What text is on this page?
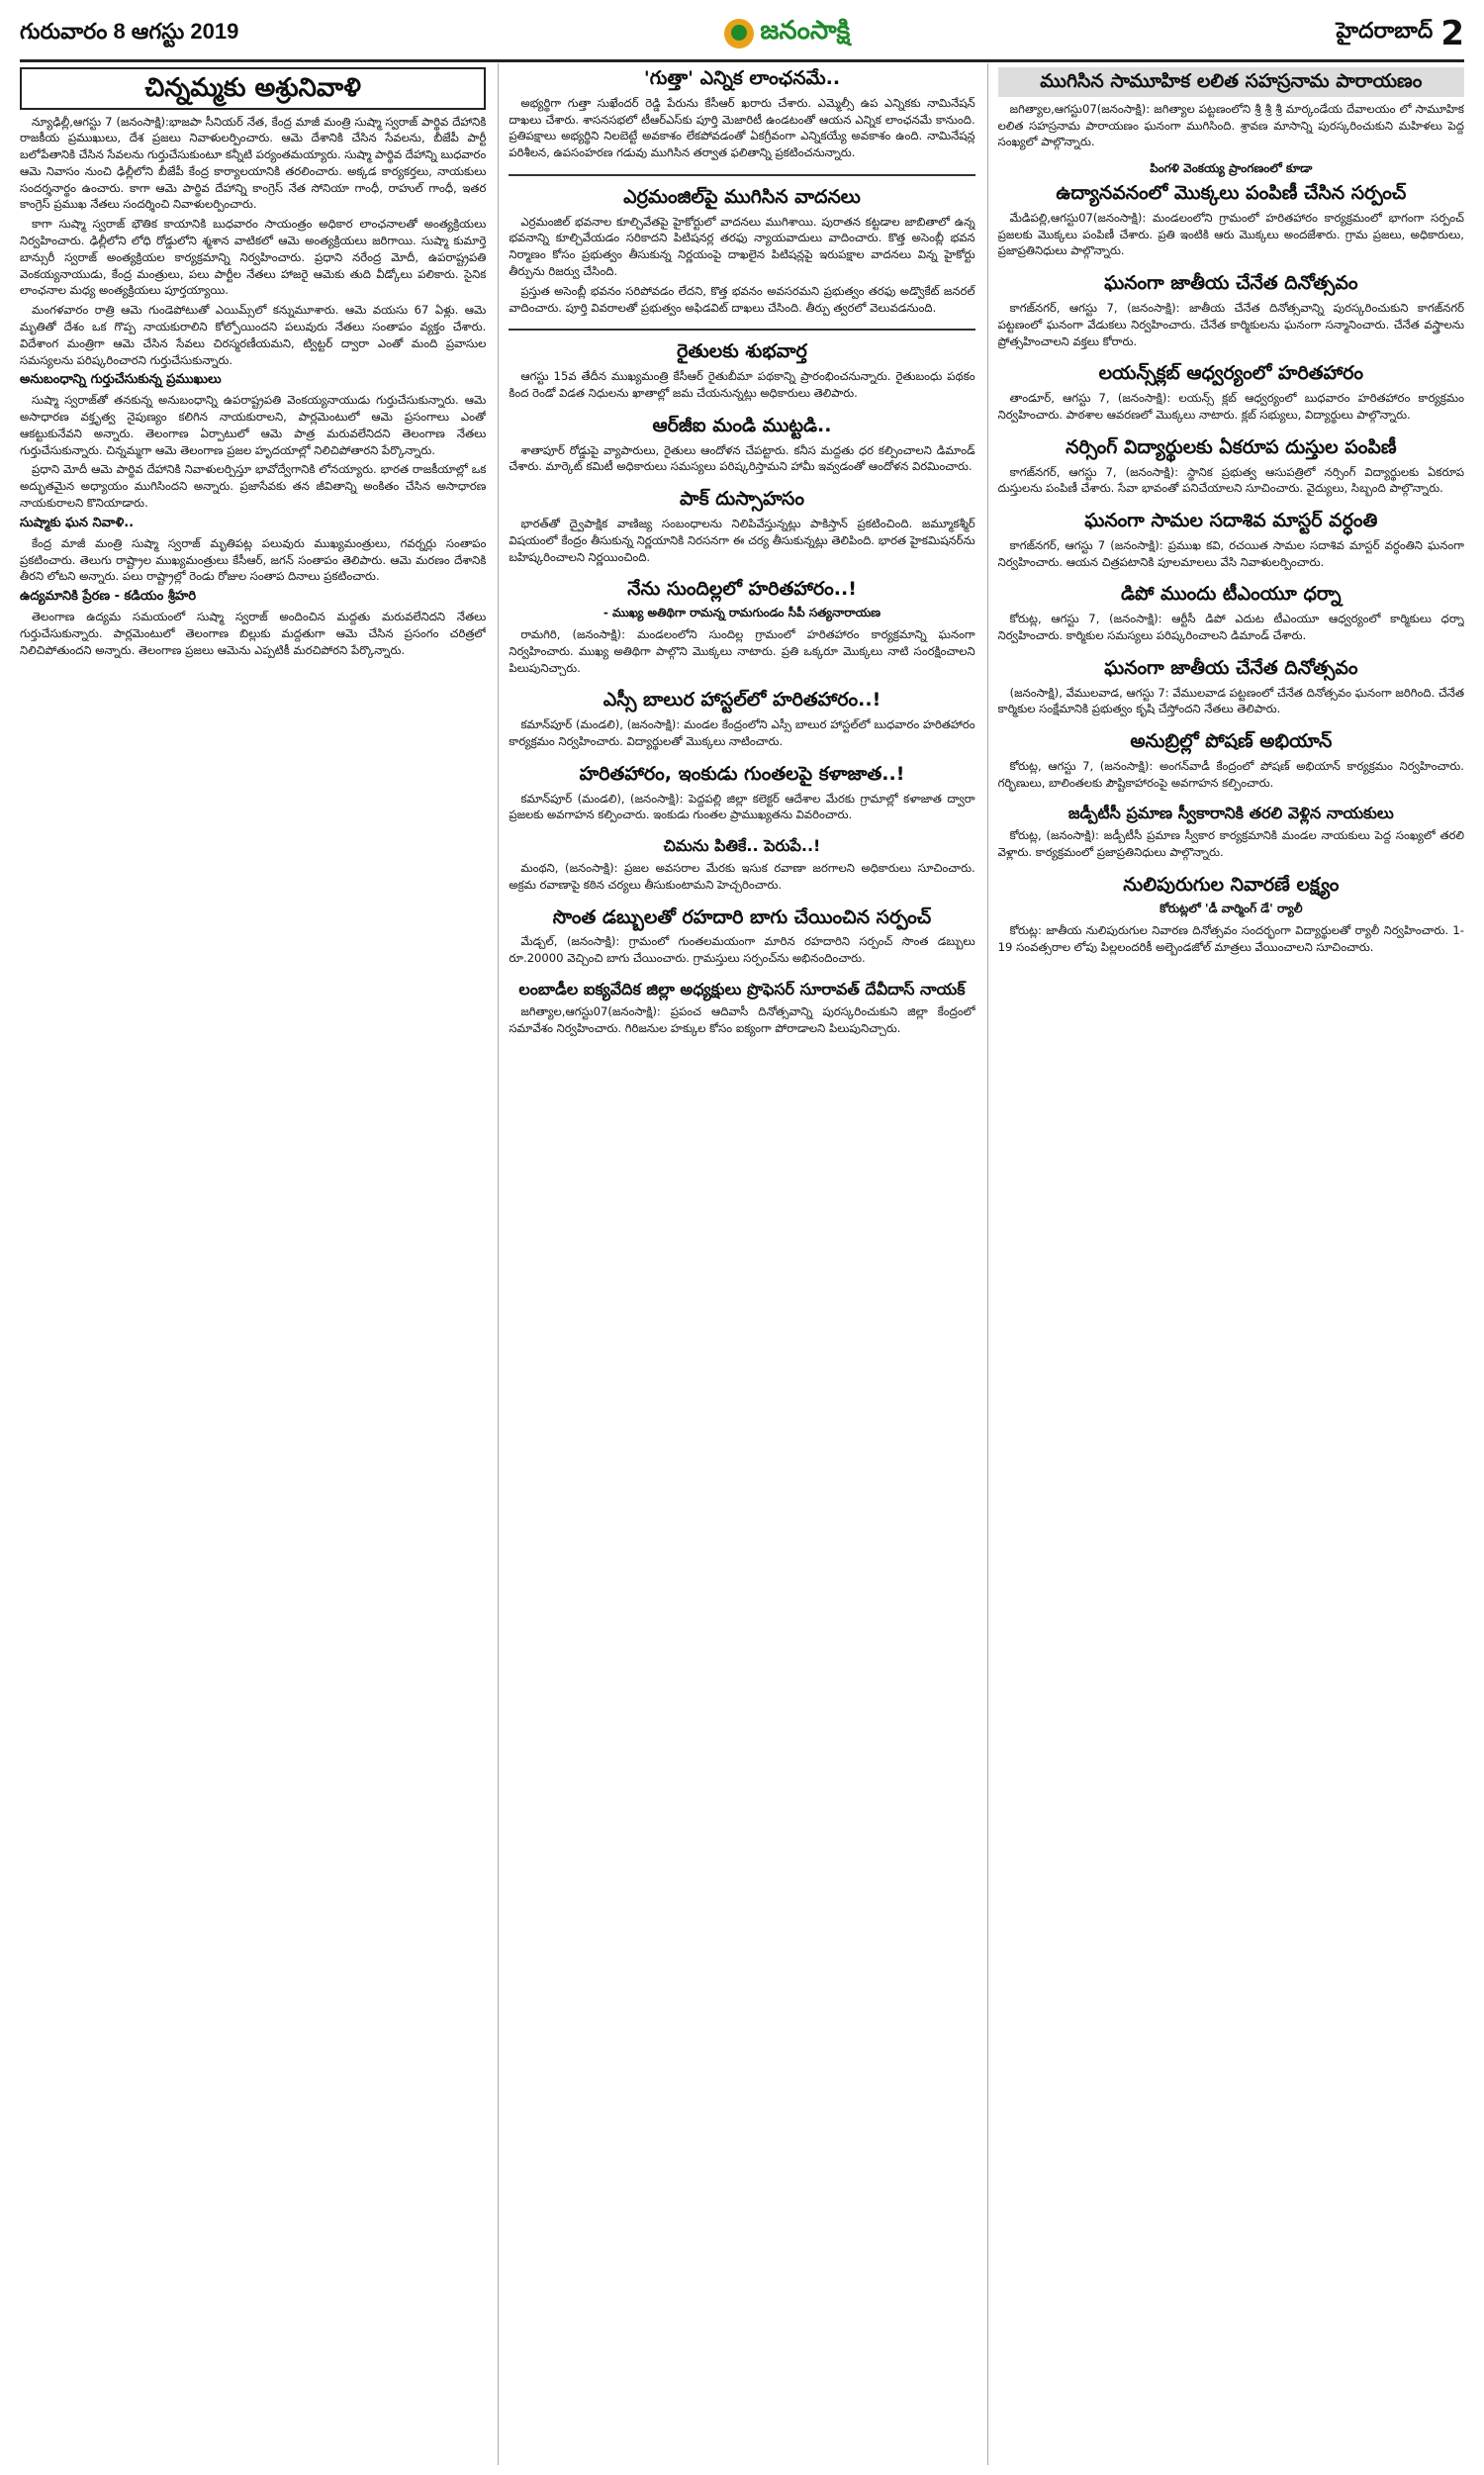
గురువారం 8 ఆగస్టు 2019	జనంసాక్షి	హైదరాబాద్ 2
చిన్నమ్మకు అశ్రునివాళి

న్యూఢిల్లీ,ఆగస్టు 7 (జనంసాక్షి):భాజపా సీనియర్ నేత, కేంద్ర మాజీ మంత్రి సుష్మా స్వరాజ్ పార్థివ దేహానికి రాజకీయ ప్రముఖులు, దేశ ప్రజలు నివాళులర్పించారు. ఆమె దేశానికి చేసిన సేవలను, బీజేపీ పార్టీ బలోపేతానికి చేసిన సేవలను గుర్తుచేసుకుంటూ కన్నీటి పర్యంతమయ్యారు. సుష్మా పార్థివ దేహాన్ని బుధవారం ఆమె నివాసం నుంచి ఢిల్లీలోని బీజేపీ కేంద్ర కార్యాలయానికి తరలించారు. అక్కడ కార్యకర్తలు, నాయకులు సందర్శనార్థం ఉంచారు. కాగా ఆమె పార్థివ దేహాన్ని కాంగ్రెస్ నేత సోనియా గాంధీ, రాహుల్ గాంధీ, ఇతర కాంగ్రెస్ ప్రముఖ నేతలు సందర్శించి నివాళులర్పించారు.

కాగా సుష్మా స్వరాజ్ భౌతిక కాయానికి బుధవారం సాయంత్రం అధికార లాంఛనాలతో అంత్యక్రియలు నిర్వహించారు. ఢిల్లీలోని లోధి రోడ్డులోని శ్మశాన వాటికలో ఆమె అంత్యక్రియలు జరిగాయి. సుష్మా కుమార్తె బాన్సురీ స్వరాజ్ అంత్యక్రియల కార్యక్రమాన్ని నిర్వహించారు. ప్రధాని నరేంద్ర మోదీ, ఉపరాష్ట్రపతి వెంకయ్యనాయుడు, కేంద్ర మంత్రులు, పలు పార్టీల నేతలు హాజరై ఆమెకు తుది వీడ్కోలు పలికారు. సైనిక లాంఛనాల మధ్య అంత్యక్రియలు పూర్తయ్యాయి.

మంగళవారం రాత్రి ఆమె గుండెపోటుతో ఎయిమ్స్‌లో కన్నుమూశారు. ఆమె వయసు 67 ఏళ్లు. ఆమె మృతితో దేశం ఒక గొప్ప నాయకురాలిని కోల్పోయిందని పలువురు నేతలు సంతాపం వ్యక్తం చేశారు. విదేశాంగ మంత్రిగా ఆమె చేసిన సేవలు చిరస్మరణీయమని, ట్విట్టర్ ద్వారా ఎంతో మంది ప్రవాసుల సమస్యలను పరిష్కరించారని గుర్తుచేసుకున్నారు.

అనుబంధాన్ని గుర్తుచేసుకున్న ప్రముఖులు

సుష్మా స్వరాజ్‌తో తనకున్న అనుబంధాన్ని ఉపరాష్ట్రపతి వెంకయ్యనాయుడు గుర్తుచేసుకున్నారు. ఆమె అసాధారణ వక్తృత్వ నైపుణ్యం కలిగిన నాయకురాలని, పార్లమెంటులో ఆమె ప్రసంగాలు ఎంతో ఆకట్టుకునేవని అన్నారు. తెలంగాణ ఏర్పాటులో ఆమె పాత్ర మరువలేనిదని తెలంగాణ నేతలు గుర్తుచేసుకున్నారు. చిన్నమ్మగా ఆమె తెలంగాణ ప్రజల హృదయాల్లో నిలిచిపోతారని పేర్కొన్నారు.

ప్రధాని మోదీ ఆమె పార్థివ దేహానికి నివాళులర్పిస్తూ భావోద్వేగానికి లోనయ్యారు. భారత రాజకీయాల్లో ఒక అద్భుతమైన అధ్యాయం ముగిసిందని అన్నారు. ప్రజాసేవకు తన జీవితాన్ని అంకితం చేసిన అసాధారణ నాయకురాలని కొనియాడారు.

సుష్మాకు ఘన నివాళి..

కేంద్ర మాజీ మంత్రి సుష్మా స్వరాజ్ మృతిపట్ల పలువురు ముఖ్యమంత్రులు, గవర్నర్లు సంతాపం ప్రకటించారు. తెలుగు రాష్ట్రాల ముఖ్యమంత్రులు కేసీఆర్, జగన్ సంతాపం తెలిపారు. ఆమె మరణం దేశానికి తీరని లోటని అన్నారు. పలు రాష్ట్రాల్లో రెండు రోజుల సంతాప దినాలు ప్రకటించారు.

ఉద్యమానికి ప్రేరణ - కడియం శ్రీహరి

తెలంగాణ ఉద్యమ సమయంలో సుష్మా స్వరాజ్ అందించిన మద్దతు మరువలేనిదని నేతలు గుర్తుచేసుకున్నారు. పార్లమెంటులో తెలంగాణ బిల్లుకు మద్దతుగా ఆమె చేసిన ప్రసంగం చరిత్రలో నిలిచిపోతుందని అన్నారు. తెలంగాణ ప్రజలు ఆమెను ఎప్పటికీ మరచిపోరని పేర్కొన్నారు.

'గుత్తా' ఎన్నిక లాంఛనమే..

అభ్యర్థిగా గుత్తా సుఖేందర్ రెడ్డి పేరును కేసీఆర్ ఖరారు చేశారు. ఎమ్మెల్సీ ఉప ఎన్నికకు నామినేషన్ దాఖలు చేశారు. శాసనసభలో టీఆర్ఎస్‌కు పూర్తి మెజారిటీ ఉండటంతో ఆయన ఎన్నిక లాంఛనమే కానుంది. ప్రతిపక్షాలు అభ్యర్థిని నిలబెట్టే అవకాశం లేకపోవడంతో ఏకగ్రీవంగా ఎన్నికయ్యే అవకాశం ఉంది. నామినేషన్ల పరిశీలన, ఉపసంహరణ గడువు ముగిసిన తర్వాత ఫలితాన్ని ప్రకటించనున్నారు.

ఎర్రమంజిల్‌పై ముగిసిన వాదనలు

ఎర్రమంజిల్ భవనాల కూల్చివేతపై హైకోర్టులో వాదనలు ముగిశాయి. పురాతన కట్టడాల జాబితాలో ఉన్న భవనాన్ని కూల్చివేయడం సరికాదని పిటిషనర్ల తరఫు న్యాయవాదులు వాదించారు. కొత్త అసెంబ్లీ భవన నిర్మాణం కోసం ప్రభుత్వం తీసుకున్న నిర్ణయంపై దాఖలైన పిటిషన్లపై ఇరుపక్షాల వాదనలు విన్న హైకోర్టు తీర్పును రిజర్వు చేసింది.

ప్రస్తుత అసెంబ్లీ భవనం సరిపోవడం లేదని, కొత్త భవనం అవసరమని ప్రభుత్వం తరఫు అడ్వొకేట్ జనరల్ వాదించారు. పూర్తి వివరాలతో ప్రభుత్వం అఫిడవిట్ దాఖలు చేసింది. తీర్పు త్వరలో వెలువడనుంది.

రైతులకు శుభవార్త

ఆగస్టు 15వ తేదీన ముఖ్యమంత్రి కేసీఆర్ రైతుబీమా పథకాన్ని ప్రారంభించనున్నారు. రైతుబంధు పథకం కింద రెండో విడత నిధులను ఖాతాల్లో జమ చేయనున్నట్లు అధికారులు తెలిపారు.

ఆర్‌జీఐ మండి ముట్టడి..

శాతాపూర్ రోడ్డుపై వ్యాపారులు, రైతులు ఆందోళన చేపట్టారు. కనీస మద్దతు ధర కల్పించాలని డిమాండ్ చేశారు. మార్కెట్ కమిటీ అధికారులు సమస్యలు పరిష్కరిస్తామని హామీ ఇవ్వడంతో ఆందోళన విరమించారు.

పాక్ దుస్సాహసం

భారత్‌తో ద్వైపాక్షిక వాణిజ్య సంబంధాలను నిలిపివేస్తున్నట్లు పాకిస్తాన్ ప్రకటించింది. జమ్మూకశ్మీర్‌ విషయంలో కేంద్రం తీసుకున్న నిర్ణయానికి నిరసనగా ఈ చర్య తీసుకున్నట్లు తెలిపింది. భారత హైకమిషనర్‌ను బహిష్కరించాలని నిర్ణయించింది.

నేను సుందిల్లలో హరితహారం..!
- ముఖ్య అతిథిగా రామన్న రామగుండం సీపీ సత్యనారాయణ

రామగిరి, (జనంసాక్షి): మండలంలోని సుందిల్ల గ్రామంలో హరితహారం కార్యక్రమాన్ని ఘనంగా నిర్వహించారు. ముఖ్య అతిథిగా పాల్గొని మొక్కలు నాటారు. ప్రతి ఒక్కరూ మొక్కలు నాటి సంరక్షించాలని పిలుపునిచ్చారు.

ఎస్సీ బాలుర హాస్టల్‌లో హరితహారం..!

కమాన్‌పూర్ (మండలి), (జనంసాక్షి): మండల కేంద్రంలోని ఎస్సీ బాలుర హాస్టల్‌లో బుధవారం హరితహారం కార్యక్రమం నిర్వహించారు. విద్యార్థులతో మొక్కలు నాటించారు.

హరితహారం, ఇంకుడు గుంతలపై కళాజాత..!

కమాన్‌పూర్ (మండలి), (జనంసాక్షి): పెద్దపల్లి జిల్లా కలెక్టర్ ఆదేశాల మేరకు గ్రామాల్లో కళాజాత ద్వారా ప్రజలకు అవగాహన కల్పించారు. ఇంకుడు గుంతల ప్రాముఖ్యతను వివరించారు.

చిమను పితికే.. పెరుపే..!

మంథని, (జనంసాక్షి): ప్రజల అవసరాల మేరకు ఇసుక రవాణా జరగాలని అధికారులు సూచించారు. అక్రమ రవాణాపై కఠిన చర్యలు తీసుకుంటామని హెచ్చరించారు.

సొంత డబ్బులతో రహదారి బాగు చేయించిన సర్పంచ్

మేడ్చల్, (జనంసాక్షి): గ్రామంలో గుంతలమయంగా మారిన రహదారిని సర్పంచ్ సొంత డబ్బులు రూ.20000 వెచ్చించి బాగు చేయించారు. గ్రామస్తులు సర్పంచ్‌ను అభినందించారు.

లంబాడీల ఐక్యవేదిక జిల్లా అధ్యక్షులు ప్రొఫెసర్ సూరావత్ దేవీదాస్ నాయక్

జగిత్యాల,ఆగస్టు07(జనంసాక్షి): ప్రపంచ ఆదివాసీ దినోత్సవాన్ని పురస్కరించుకుని జిల్లా కేంద్రంలో సమావేశం నిర్వహించారు. గిరిజనుల హక్కుల కోసం ఐక్యంగా పోరాడాలని పిలుపునిచ్చారు.

ముగిసిన సామూహిక లలిత సహస్రనామ పారాయణం

జగిత్యాల,ఆగస్టు07(జనంసాక్షి): జగిత్యాల పట్టణంలోని శ్రీ శ్రీ శ్రీ మార్కండేయ దేవాలయం లో సామూహిక లలిత సహస్రనామ పారాయణం ఘనంగా ముగిసింది. శ్రావణ మాసాన్ని పురస్కరించుకుని మహిళలు పెద్ద సంఖ్యలో పాల్గొన్నారు.

పింగళి వెంకయ్య ప్రాంగణంలో కూడా
ఉద్యానవనంలో మొక్కలు పంపిణీ చేసిన సర్పంచ్

మేడిపల్లి,ఆగస్టు07(జనంసాక్షి): మండలంలోని గ్రామంలో హరితహారం కార్యక్రమంలో భాగంగా సర్పంచ్ ప్రజలకు మొక్కలు పంపిణీ చేశారు. ప్రతి ఇంటికి ఆరు మొక్కలు అందజేశారు. గ్రామ ప్రజలు, అధికారులు, ప్రజాప్రతినిధులు పాల్గొన్నారు.

ఘనంగా జాతీయ చేనేత దినోత్సవం

కాగజ్‌నగర్, ఆగస్టు 7, (జనంసాక్షి): జాతీయ చేనేత దినోత్సవాన్ని పురస్కరించుకుని కాగజ్‌నగర్ పట్టణంలో ఘనంగా వేడుకలు నిర్వహించారు. చేనేత కార్మికులను ఘనంగా సన్మానించారు. చేనేత వస్త్రాలను ప్రోత్సహించాలని వక్తలు కోరారు.

లయన్స్‌క్లబ్ ఆధ్వర్యంలో హరితహారం

తాండూర్, ఆగస్టు 7, (జనంసాక్షి): లయన్స్ క్లబ్ ఆధ్వర్యంలో బుధవారం హరితహారం కార్యక్రమం నిర్వహించారు. పాఠశాల ఆవరణలో మొక్కలు నాటారు. క్లబ్ సభ్యులు, విద్యార్థులు పాల్గొన్నారు.

నర్సింగ్ విద్యార్థులకు ఏకరూప దుస్తుల పంపిణీ

కాగజ్‌నగర్, ఆగస్టు 7, (జనంసాక్షి): స్థానిక ప్రభుత్వ ఆసుపత్రిలో నర్సింగ్ విద్యార్థులకు ఏకరూప దుస్తులను పంపిణీ చేశారు. సేవా భావంతో పనిచేయాలని సూచించారు. వైద్యులు, సిబ్బంది పాల్గొన్నారు.

ఘనంగా సామల సదాశివ మాస్టర్ వర్ధంతి

కాగజ్‌నగర్, ఆగస్టు 7 (జనంసాక్షి): ప్రముఖ కవి, రచయిత సామల సదాశివ మాస్టర్ వర్ధంతిని ఘనంగా నిర్వహించారు. ఆయన చిత్రపటానికి పూలమాలలు వేసి నివాళులర్పించారు.

డిపో ముందు టీఎంయూ ధర్నా

కోరుట్ల, ఆగస్టు 7, (జనంసాక్షి): ఆర్టీసీ డిపో ఎదుట టీఎంయూ ఆధ్వర్యంలో కార్మికులు ధర్నా నిర్వహించారు. కార్మికుల సమస్యలు పరిష్కరించాలని డిమాండ్ చేశారు.

ఘనంగా జాతీయ చేనేత దినోత్సవం

(జనంసాక్షి), వేములవాడ, ఆగస్టు 7: వేములవాడ పట్టణంలో చేనేత దినోత్సవం ఘనంగా జరిగింది. చేనేత కార్మికుల సంక్షేమానికి ప్రభుత్వం కృషి చేస్తోందని నేతలు తెలిపారు.

అనుబ్రిల్లో పోషణ్ అభియాన్

కోరుట్ల, ఆగస్టు 7, (జనంసాక్షి): అంగన్‌వాడీ కేంద్రంలో పోషణ్ అభియాన్ కార్యక్రమం నిర్వహించారు. గర్భిణులు, బాలింతలకు పౌష్టికాహారంపై అవగాహన కల్పించారు.

జడ్పీటీసీ ప్రమాణ స్వీకారానికి తరలి వెళ్లిన నాయకులు

కోరుట్ల, (జనంసాక్షి): జడ్పీటీసీ ప్రమాణ స్వీకార కార్యక్రమానికి మండల నాయకులు పెద్ద సంఖ్యలో తరలి వెళ్లారు. కార్యక్రమంలో ప్రజాప్రతినిధులు పాల్గొన్నారు.

నులిపురుగుల నివారణే లక్ష్యం
కోరుట్లలో 'డీ వార్మింగ్ డే' ర్యాలీ

కోరుట్ల: జాతీయ నులిపురుగుల నివారణ దినోత్సవం సందర్భంగా విద్యార్థులతో ర్యాలీ నిర్వహించారు. 1-19 సంవత్సరాల లోపు పిల్లలందరికీ అల్బెండజోల్ మాత్రలు వేయించాలని సూచించారు.
